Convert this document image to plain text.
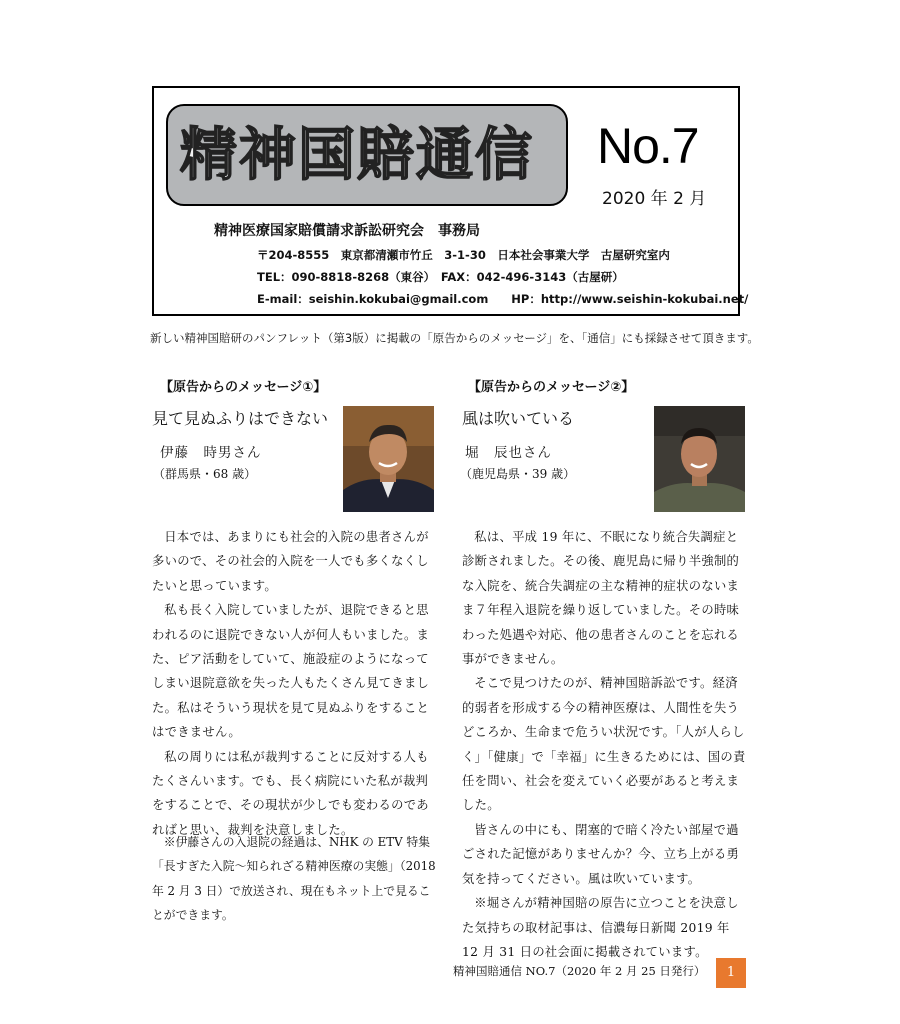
精神国賠通信	No.7
2020 年 2 月
精神医療国家賠償請求訴訟研究会　事務局
〒204-8555　東京都清瀬市竹丘　3-1-30　日本社会事業大学　古屋研究室内
TEL：090-8818-8268（東谷）　FAX：042-496-3143（古屋研）
E-mail：seishin.kokubai@gmail.com　　HP：http://www.seishin-kokubai.net/
新しい精神国賠研のパンフレット（第3版）に掲載の「原告からのメッセージ」を、「通信」にも採録させて頂きます。
【原告からのメッセージ①】
見て見ぬふりはできない
伊藤　時男さん
（群馬県・68 歳）

日本では、あまりにも社会的入院の患者さんが多いので、その社会的入院を一人でも多くなくしたいと思っています。

私も長く入院していましたが、退院できると思われるのに退院できない人が何人もいました。また、ピア活動をしていて、施設症のようになってしまい退院意欲を失った人もたくさん見てきました。私はそういう現状を見て見ぬふりをすることはできません。

私の周りには私が裁判することに反対する人もたくさんいます。でも、長く病院にいた私が裁判をすることで、その現状が少しでも変わるのであればと思い、裁判を決意しました。

※伊藤さんの入退院の経過は、NHK の ETV 特集「長すぎた入院〜知られざる精神医療の実態」（2018 年 2 月 3 日）で放送され、現在もネット上で見ることができます。
【原告からのメッセージ②】
風は吹いている
堀　辰也さん
（鹿児島県・39 歳）

私は、平成 19 年に、不眠になり統合失調症と診断されました。その後、鹿児島に帰り半強制的な入院を、統合失調症の主な精神的症状のないまま７年程入退院を繰り返していました。その時味わった処遇や対応、他の患者さんのことを忘れる事ができません。

そこで見つけたのが、精神国賠訴訟です。経済的弱者を形成する今の精神医療は、人間性を失うどころか、生命まで危うい状況です。「人が人らしく」「健康」で「幸福」に生きるためには、国の責任を問い、社会を変えていく必要があると考えました。

皆さんの中にも、閉塞的で暗く冷たい部屋で過ごされた記憶がありませんか？今、立ち上がる勇気を持ってください。風は吹いています。

※堀さんが精神国賠の原告に立つことを決意した気持ちの取材記事は、信濃毎日新聞 2019 年 12 月 31 日の社会面に掲載されています。

精神国賠通信 NO.7（2020 年 2 月 25 日発行）	1
